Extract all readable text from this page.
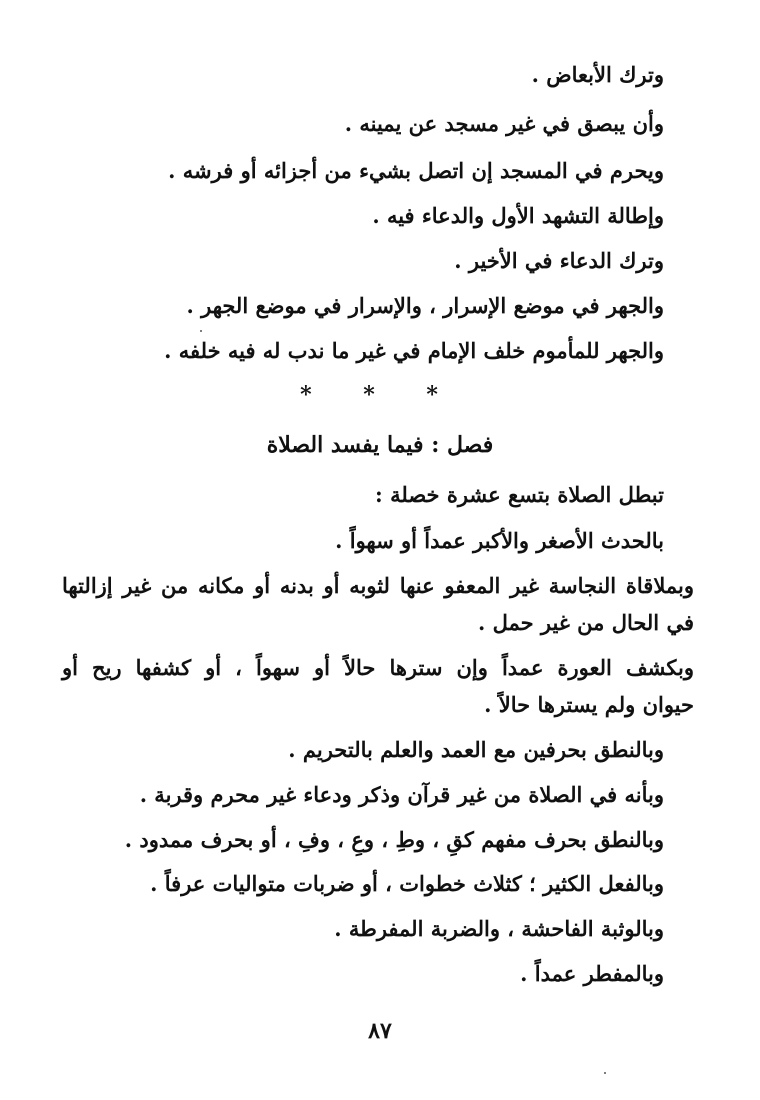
وترك الأبعاض .
وأن يبصق في غير مسجد عن يمينه .
ويحرم في المسجد إن اتصل بشيء من أجزائه أو فرشه .
وإطالة التشهد الأول والدعاء فيه .
وترك الدعاء في الأخير .
والجهر في موضع الإسرار ، والإسرار في موضع الجهر .
والجهر للمأموم خلف الإمام في غير ما ندب له فيه خلفه .
* * *
فصل : فيما يفسد الصلاة
تبطل الصلاة بتسع عشرة خصلة :
بالحدث الأصغر والأكبر عمداً أو سهواً .
وبملاقاة النجاسة غير المعفو عنها لثوبه أو بدنه أو مكانه من غير إزالتها
في الحال من غير حمل .
وبكشف العورة عمداً وإن سترها حالاً أو سهواً ، أو كشفها ريح أو
حيوان ولم يسترها حالاً .
وبالنطق بحرفين مع العمد والعلم بالتحريم .
وبأنه في الصلاة من غير قرآن وذكر ودعاء غير محرم وقربة .
وبالنطق بحرف مفهم كقِ ، وطِ ، وعِ ، وفِ ، أو بحرف ممدود .
وبالفعل الكثير ؛ كثلاث خطوات ، أو ضربات متواليات عرفاً .
وبالوثبة الفاحشة ، والضربة المفرطة .
وبالمفطر عمداً .
٨٧
